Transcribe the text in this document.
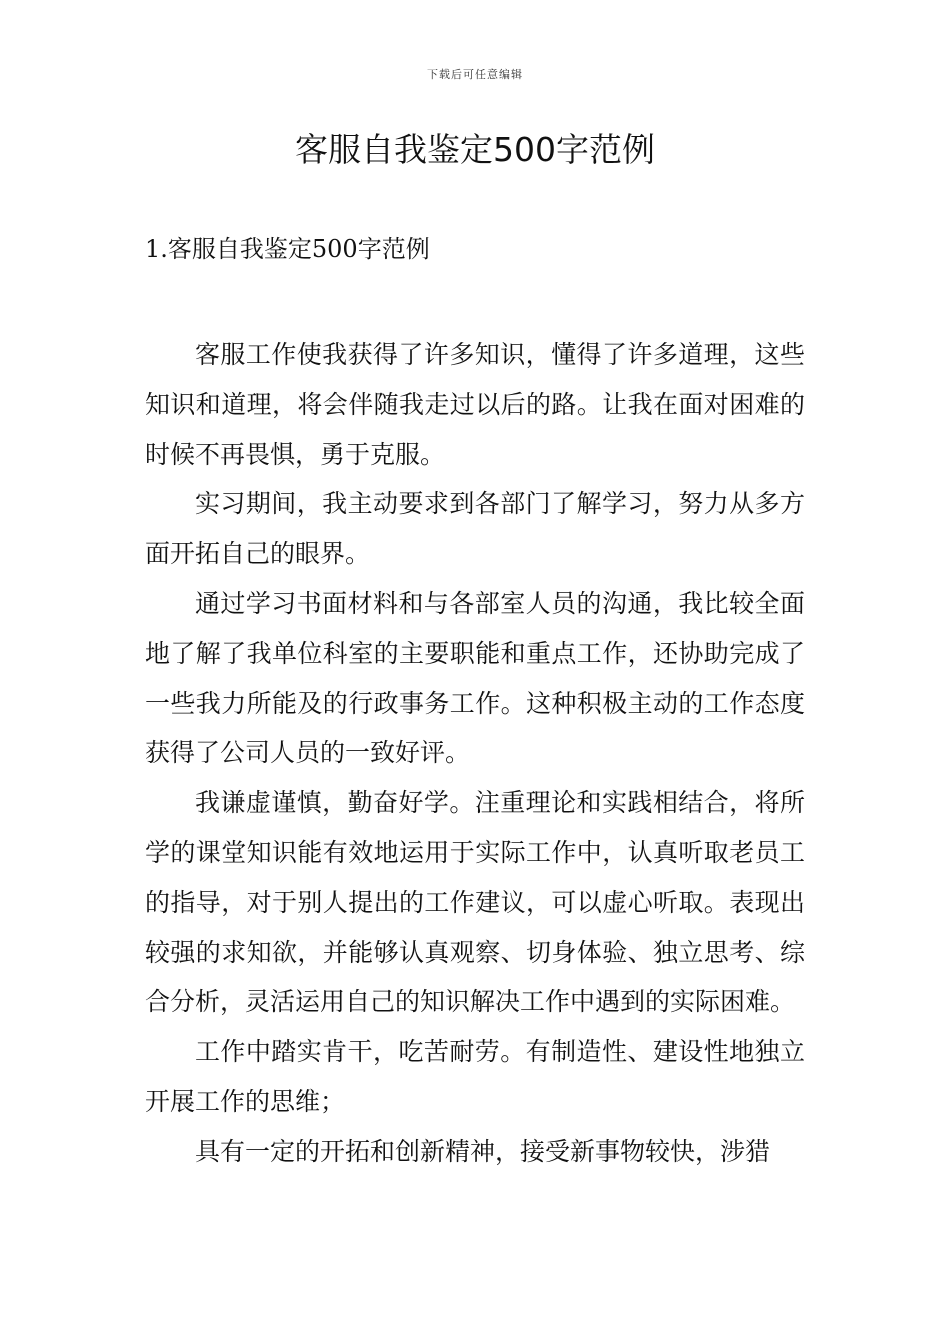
下载后可任意编辑
客服自我鉴定500字范例
1.客服自我鉴定500字范例

客服工作使我获得了许多知识，懂得了许多道理，这些知识和道理，将会伴随我走过以后的路。让我在面对困难的时候不再畏惧，勇于克服。

实习期间，我主动要求到各部门了解学习，努力从多方面开拓自己的眼界。

通过学习书面材料和与各部室人员的沟通，我比较全面地了解了我单位科室的主要职能和重点工作，还协助完成了一些我力所能及的行政事务工作。这种积极主动的工作态度获得了公司人员的一致好评。

我谦虚谨慎，勤奋好学。注重理论和实践相结合，将所学的课堂知识能有效地运用于实际工作中，认真听取老员工的指导，对于别人提出的工作建议，可以虚心听取。表现出较强的求知欲，并能够认真观察、切身体验、独立思考、综合分析，灵活运用自己的知识解决工作中遇到的实际困难。

工作中踏实肯干，吃苦耐劳。有制造性、建设性地独立开展工作的思维；

具有一定的开拓和创新精神，接受新事物较快，涉猎
